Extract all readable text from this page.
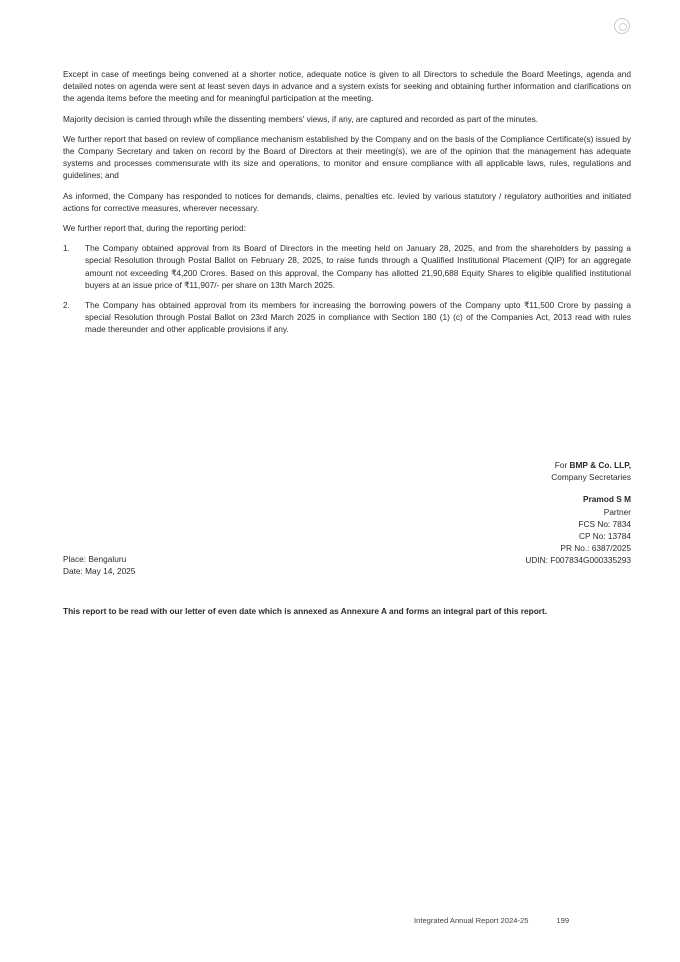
Except in case of meetings being convened at a shorter notice, adequate notice is given to all Directors to schedule the Board Meetings, agenda and detailed notes on agenda were sent at least seven days in advance and a system exists for seeking and obtaining further information and clarifications on the agenda items before the meeting and for meaningful participation at the meeting.

Majority decision is carried through while the dissenting members' views, if any, are captured and recorded as part of the minutes.

We further report that based on review of compliance mechanism established by the Company and on the basis of the Compliance Certificate(s) issued by the Company Secretary and taken on record by the Board of Directors at their meeting(s), we are of the opinion that the management has adequate systems and processes commensurate with its size and operations, to monitor and ensure compliance with all applicable laws, rules, regulations and guidelines; and

As informed, the Company has responded to notices for demands, claims, penalties etc. levied by various statutory / regulatory authorities and initiated actions for corrective measures, wherever necessary.

We further report that, during the reporting period:

1. The Company obtained approval from its Board of Directors in the meeting held on January 28, 2025, and from the shareholders by passing a special Resolution through Postal Ballot on February 28, 2025, to raise funds through a Qualified Institutional Placement (QIP) for an aggregate amount not exceeding ₹4,200 Crores. Based on this approval, the Company has allotted 21,90,688 Equity Shares to eligible qualified institutional buyers at an issue price of ₹11,907/- per share on 13th March 2025.
2. The Company has obtained approval from its members for increasing the borrowing powers of the Company upto ₹11,500 Crore by passing a special Resolution through Postal Ballot on 23rd March 2025 in compliance with Section 180 (1) (c) of the Companies Act, 2013 read with rules made thereunder and other applicable provisions if any.
For BMP & Co. LLP,
Company Secretaries
Pramod S M
Partner
FCS No: 7834
CP No: 13784
PR No.: 6387/2025
UDIN: F007834G000335293
Place: Bengaluru
Date: May 14, 2025
This report to be read with our letter of even date which is annexed as Annexure A and forms an integral part of this report.
Integrated Annual Report 2024-25	199
